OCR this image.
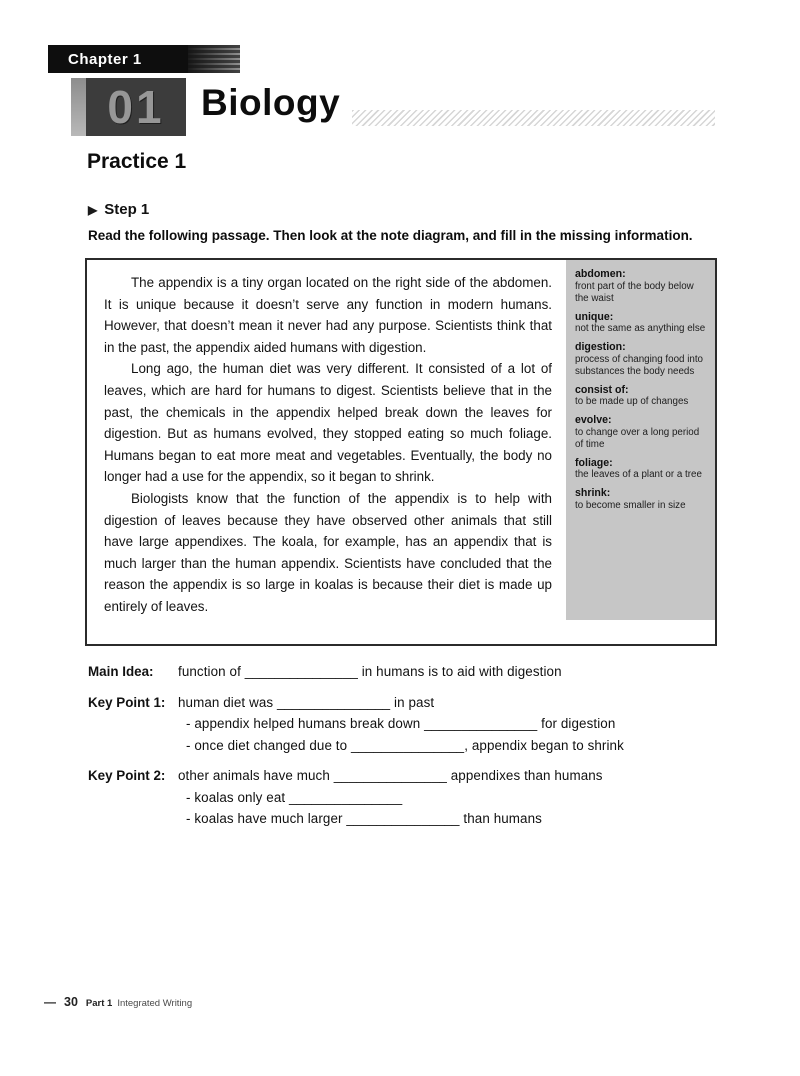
Chapter 1
01 Biology
Practice 1
▶ Step 1
Read the following passage. Then look at the note diagram, and fill in the missing information.

The appendix is a tiny organ located on the right side of the abdomen. It is unique because it doesn’t serve any function in modern humans. However, that doesn’t mean it never had any purpose. Scientists think that in the past, the appendix aided humans with digestion.

Long ago, the human diet was very different. It consisted of a lot of leaves, which are hard for humans to digest. Scientists believe that in the past, the chemicals in the appendix helped break down the leaves for digestion. But as humans evolved, they stopped eating so much foliage. Humans began to eat more meat and vegetables. Eventually, the body no longer had a use for the appendix, so it began to shrink.

Biologists know that the function of the appendix is to help with digestion of leaves because they have observed other animals that still have large appendixes. The koala, for example, has an appendix that is much larger than the human appendix. Scientists have concluded that the reason the appendix is so large in koalas is because their diet is made up entirely of leaves.

abdomen:
front part of the body below the waist
unique:
not the same as anything else
digestion:
process of changing food into substances the body needs
consist of:
to be made up of changes
evolve:
to change over a long period of time
foliage:
the leaves of a plant or a tree
shrink:
to become smaller in size
Main Idea:	function of _______________ in humans is to aid with digestion
Key Point 1: human diet was _______________ in past
- appendix helped humans break down _______________ for digestion
- once diet changed due to _______________, appendix began to shrink
Key Point 2: other animals have much _______________ appendixes than humans
- koalas only eat _______________
- koalas have much larger _______________ than humans
— 30 Part 1 Integrated Writing
